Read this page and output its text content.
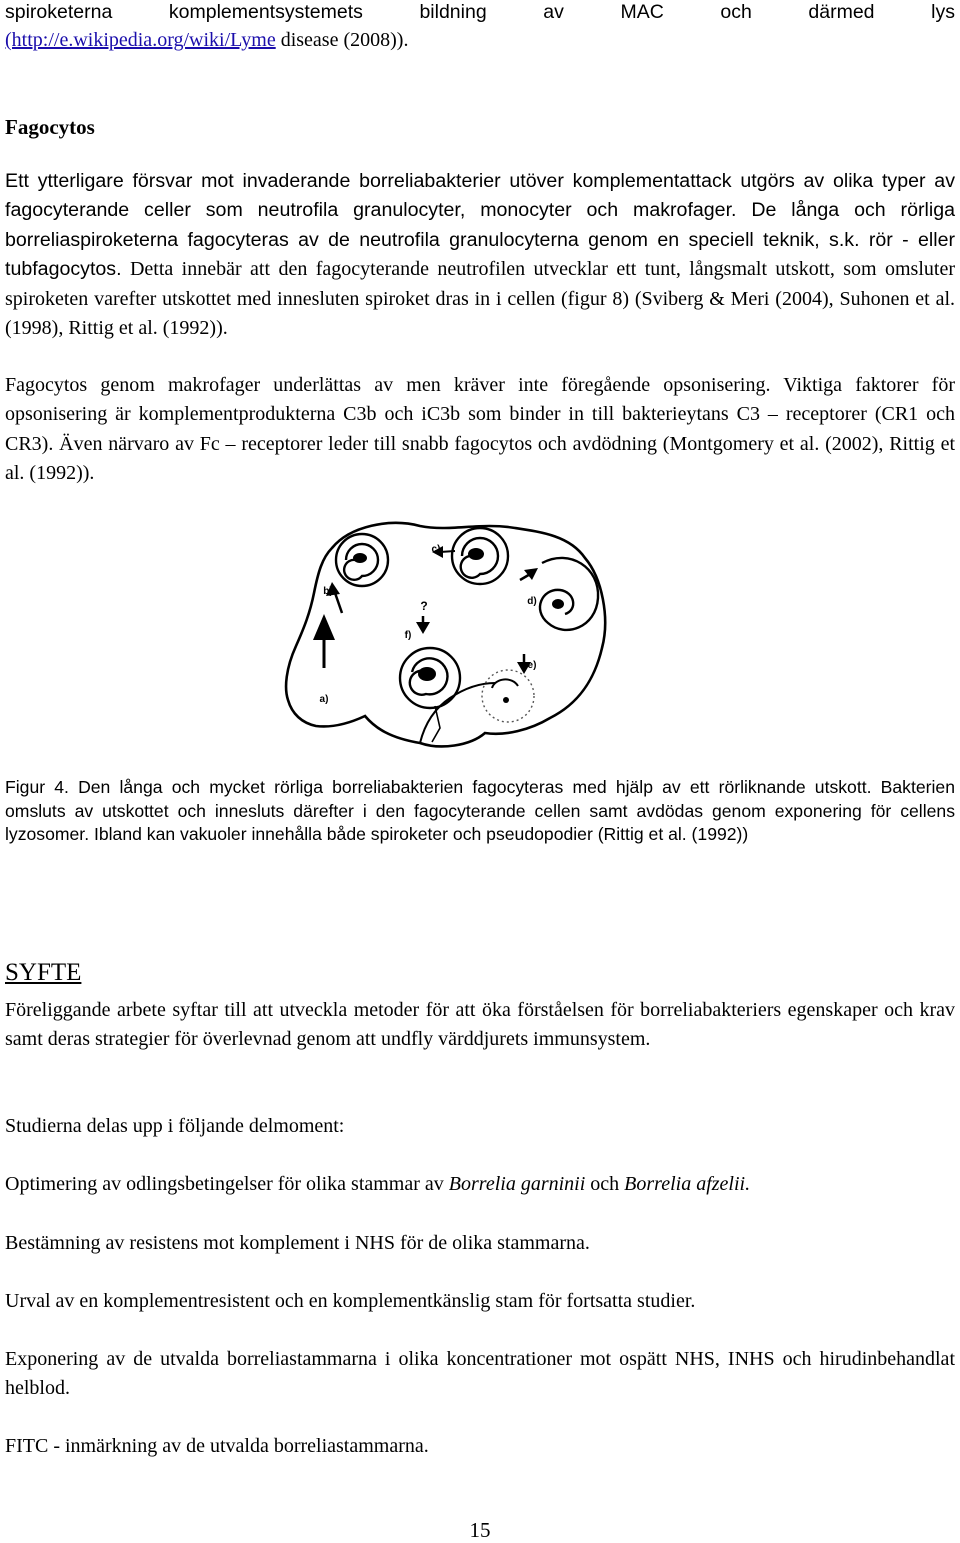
spiroketerna	komplementsystemets	bildning	av	MAC	och	därmed	lys
(http://e.wikipedia.org/wiki/Lyme disease (2008)).
Fagocytos

Ett ytterligare försvar mot invaderande borreliabakterier utöver komplementattack utgörs av olika typer av fagocyterande celler som neutrofila granulocyter, monocyter och makrofager. De långa och rörliga borreliaspiroketerna fagocyteras av de neutrofila granulocyterna genom en speciell teknik, s.k. rör - eller tubfagocytos. Detta innebär att den fagocyterande neutrofilen utvecklar ett tunt, långsmalt utskott, som omsluter spiroketen varefter utskottet med innesluten spiroket dras in i cellen (figur 8) (Sviberg & Meri (2004), Suhonen et al. (1998), Rittig et al. (1992)).

Fagocytos genom makrofager underlättas av men kräver inte föregående opsonisering. Viktiga faktorer för opsonisering är komplementprodukterna C3b och iC3b som binder in till bakterieytans C3 – receptorer (CR1 och CR3). Även närvaro av Fc – receptorer leder till snabb fagocytos och avdödning (Montgomery et al. (2002), Rittig et al. (1992)).

a)
b)
c)
d)
e)
f)
?

Figur 4. Den långa och mycket rörliga borreliabakterien fagocyteras med hjälp av ett rörliknande utskott. Bakterien omsluts av utskottet och innesluts därefter i den fagocyterande cellen samt avdödas genom exponering för cellens lyzosomer. Ibland kan vakuoler innehålla både spiroketer och pseudopodier (Rittig et al. (1992))

SYFTE

Föreliggande arbete syftar till att utveckla metoder för att öka förståelsen för borreliabakteriers egenskaper och krav samt deras strategier för överlevnad genom att undfly värddjurets immunsystem.

Studierna delas upp i följande delmoment:
Optimering av odlingsbetingelser för olika stammar av Borrelia garninii och Borrelia afzelii.
Bestämning av resistens mot komplement i NHS för de olika stammarna.
Urval av en komplementresistent och en komplementkänslig stam för fortsatta studier.

Exponering av de utvalda borreliastammarna i olika koncentrationer mot ospätt NHS, INHS och hirudinbehandlat helblod.

FITC - inmärkning av de utvalda borreliastammarna.
15
